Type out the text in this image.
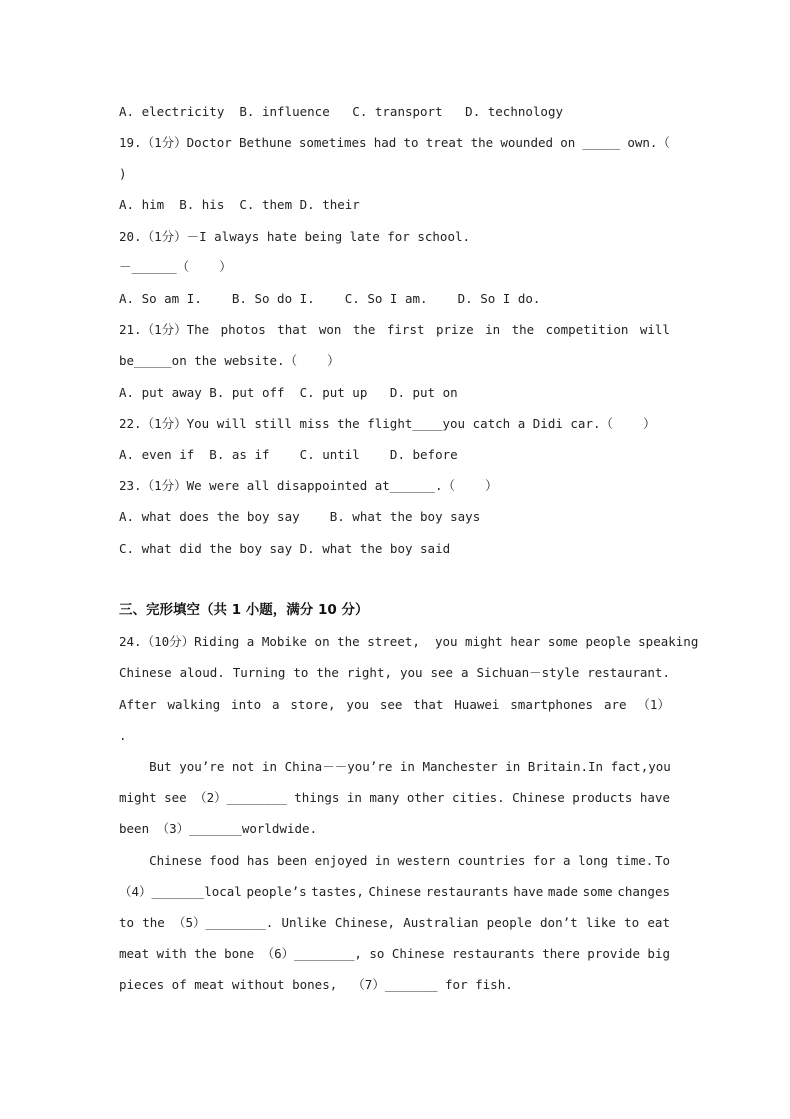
A. electricity  B. influence   C. transport   D. technology
19.（1分）Doctor Bethune sometimes had to treat the wounded on _____ own.（
)
A. him  B. his  C. them D. their
20.（1分）－I always hate being late for school.
－______（    ）
A. So am I.    B. So do I.    C. So I am.    D. So I do.
21.（1分）The photos that won the first prize in the competition will
be_____on the website.（    ）
A. put away B. put off  C. put up   D. put on
22.（1分）You will still miss the flight____you catch a Didi car.（    ）
A. even if  B. as if    C. until    D. before
23.（1分）We were all disappointed at______.（    ）
A. what does the boy say    B. what the boy says
C. what did the boy say D. what the boy said
三、完形填空（共 1 小题，满分 10 分）
24.（10分）Riding a Mobike on the street,  you might hear some people speaking
Chinese aloud. Turning to the right, you see a Sichuan－style restaurant.
After walking into a store, you see that Huawei smartphones are （1）
.
But you’re not in China－－you’re in Manchester in Britain. In fact, you
might see （2）________ things in many other cities. Chinese products have
been （3）_______worldwide.
Chinese food has been enjoyed in western countries for a long time. To
（4）_______local people’s tastes, Chinese restaurants have made some changes
to the （5）________. Unlike Chinese, Australian people don’t like to eat
meat with the bone （6）________, so Chinese restaurants there provide big
pieces of meat without bones,  （7）_______ for fish.
